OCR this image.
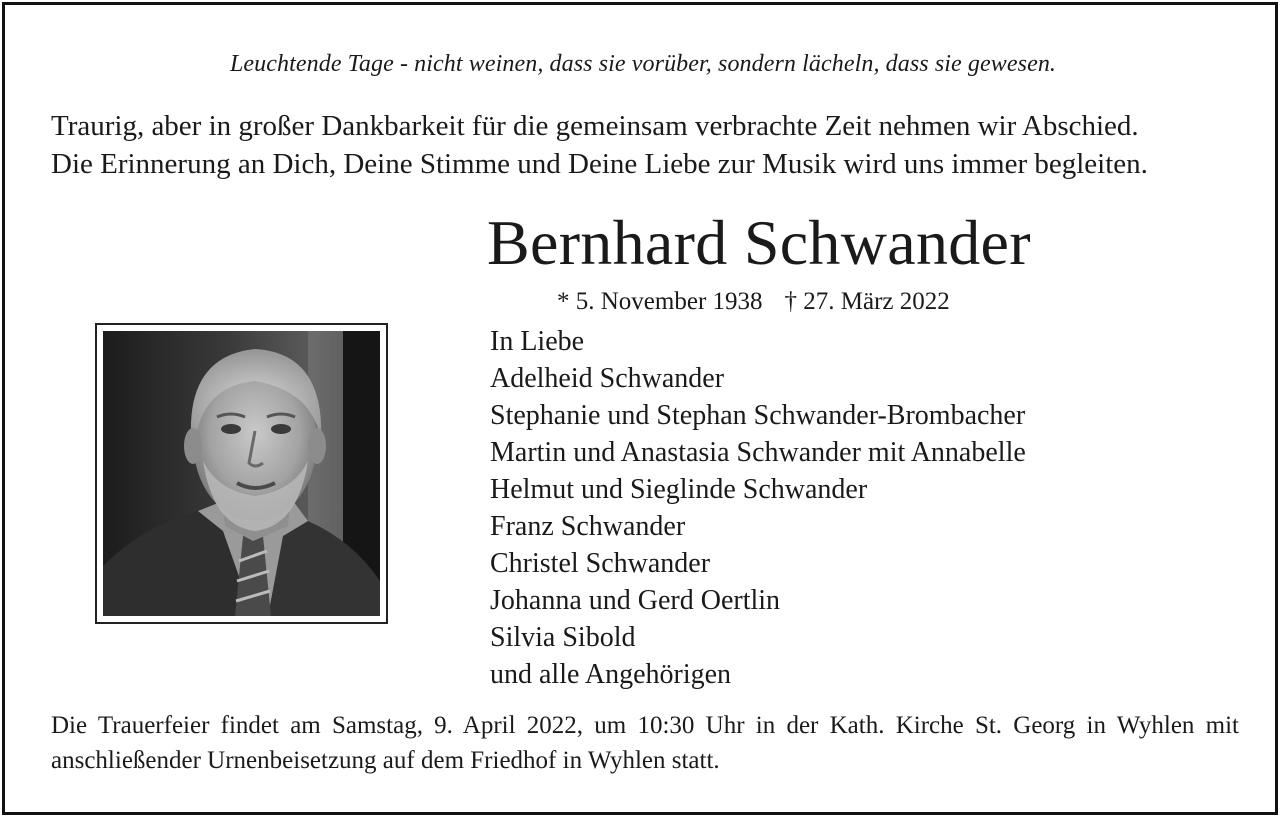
Leuchtende Tage - nicht weinen, dass sie vorüber, sondern lächeln, dass sie gewesen.
Traurig, aber in großer Dankbarkeit für die gemeinsam verbrachte Zeit nehmen wir Abschied.
Die Erinnerung an Dich, Deine Stimme und Deine Liebe zur Musik wird uns immer begleiten.
Bernhard Schwander
* 5. November 1938 † 27. März 2022
In Liebe
Adelheid Schwander
Stephanie und Stephan Schwander-Brombacher
Martin und Anastasia Schwander mit Annabelle
Helmut und Sieglinde Schwander
Franz Schwander
Christel Schwander
Johanna und Gerd Oertlin
Silvia Sibold
und alle Angehörigen
Die Trauerfeier findet am Samstag, 9. April 2022, um 10:30 Uhr in der Kath. Kirche St. Georg in Wyhlen mit anschließender Urnenbeisetzung auf dem Friedhof in Wyhlen statt.
